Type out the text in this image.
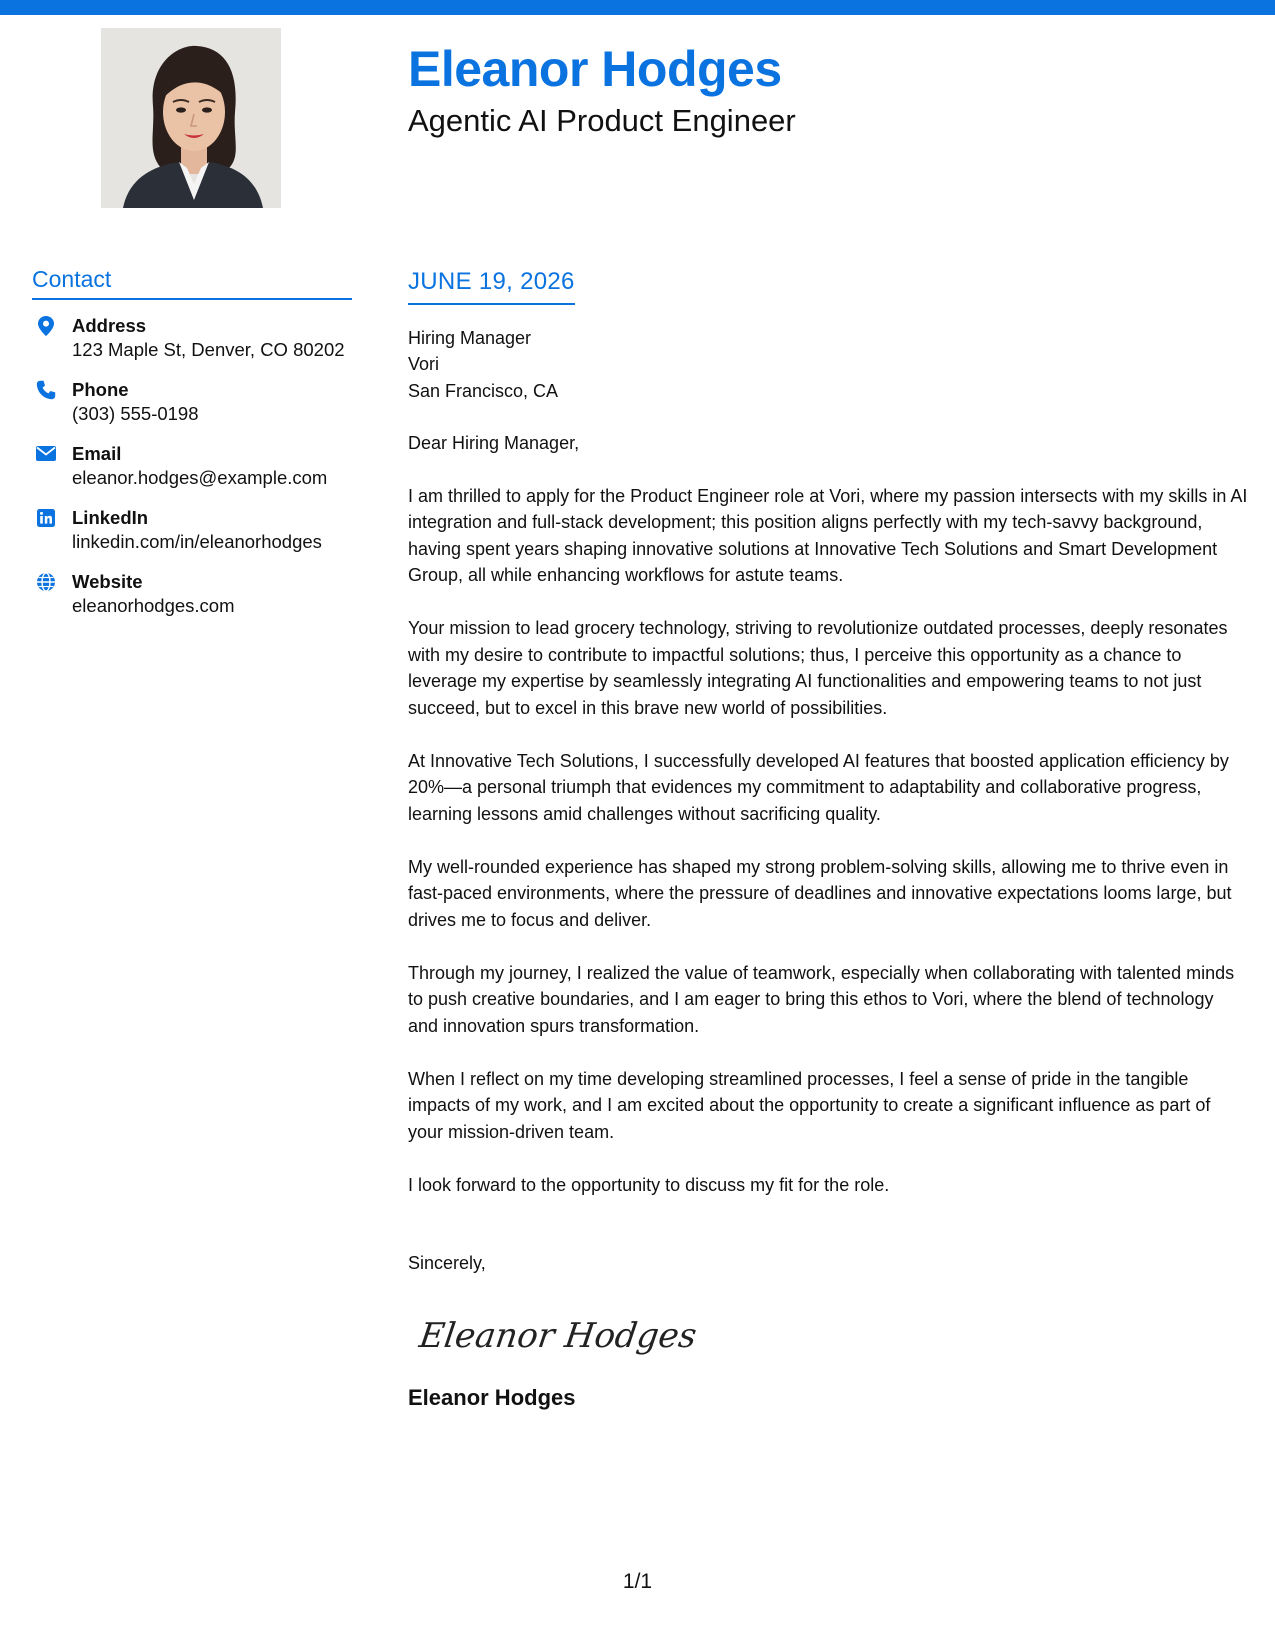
Eleanor Hodges
Agentic AI Product Engineer
Contact
Address
123 Maple St, Denver, CO 80202
Phone
(303) 555-0198
Email
eleanor.hodges@example.com
LinkedIn
linkedin.com/in/eleanorhodges
Website
eleanorhodges.com
JUNE 19, 2026
Hiring Manager
Vori
San Francisco, CA

Dear Hiring Manager,

I am thrilled to apply for the Product Engineer role at Vori, where my passion intersects with my skills in AI integration and full-stack development; this position aligns perfectly with my tech-savvy background, having spent years shaping innovative solutions at Innovative Tech Solutions and Smart Development Group, all while enhancing workflows for astute teams.

Your mission to lead grocery technology, striving to revolutionize outdated processes, deeply resonates with my desire to contribute to impactful solutions; thus, I perceive this opportunity as a chance to leverage my expertise by seamlessly integrating AI functionalities and empowering teams to not just succeed, but to excel in this brave new world of possibilities.

At Innovative Tech Solutions, I successfully developed AI features that boosted application efficiency by 20%—a personal triumph that evidences my commitment to adaptability and collaborative progress, learning lessons amid challenges without sacrificing quality.

My well-rounded experience has shaped my strong problem-solving skills, allowing me to thrive even in fast-paced environments, where the pressure of deadlines and innovative expectations looms large, but drives me to focus and deliver.

Through my journey, I realized the value of teamwork, especially when collaborating with talented minds to push creative boundaries, and I am eager to bring this ethos to Vori, where the blend of technology and innovation spurs transformation.

When I reflect on my time developing streamlined processes, I feel a sense of pride in the tangible impacts of my work, and I am excited about the opportunity to create a significant influence as part of your mission-driven team.

I look forward to the opportunity to discuss my fit for the role.

Sincerely,

Eleanor Hodges

Eleanor Hodges

1/1
